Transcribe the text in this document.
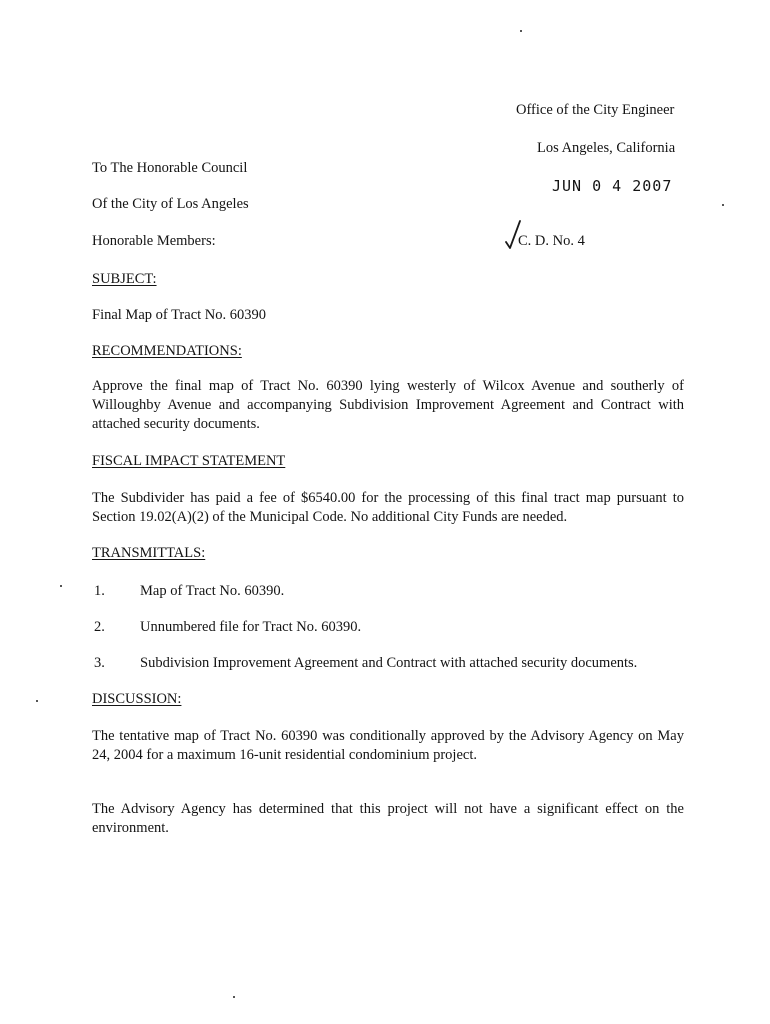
Office of the City Engineer
Los Angeles, California
JUN 0 4 2007
To The Honorable Council
Of the City of Los Angeles
Honorable Members:	C. D. No. 4
SUBJECT:
Final Map of Tract No. 60390
RECOMMENDATIONS:
Approve the final map of Tract No. 60390 lying westerly of Wilcox Avenue and southerly of Willoughby Avenue and accompanying Subdivision Improvement Agreement and Contract with attached security documents.
FISCAL IMPACT STATEMENT
The Subdivider has paid a fee of $6540.00 for the processing of this final tract map pursuant to Section 19.02(A)(2) of the Municipal Code. No additional City Funds are needed.
TRANSMITTALS:
1. Map of Tract No. 60390.
2. Unnumbered file for Tract No. 60390.
3. Subdivision Improvement Agreement and Contract with attached security documents.
DISCUSSION:
The tentative map of Tract No. 60390 was conditionally approved by the Advisory Agency on May 24, 2004 for a maximum 16-unit residential condominium project.
The Advisory Agency has determined that this project will not have a significant effect on the environment.
